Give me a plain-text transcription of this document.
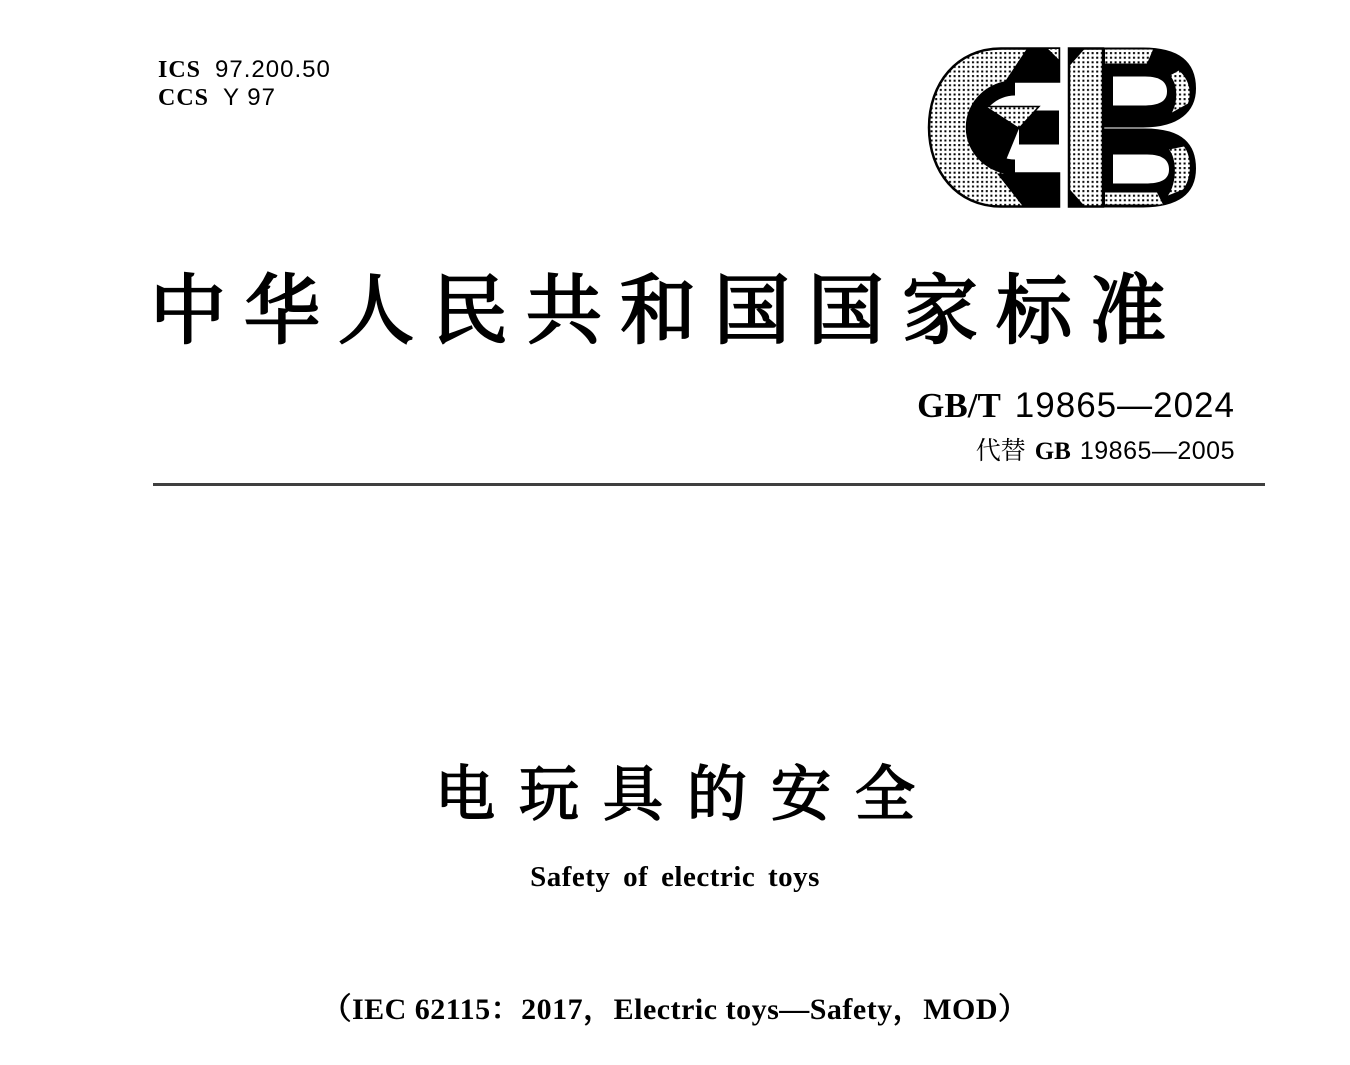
ICS 97.200.50
CCS Y 97
中华人民共和国国家标准
GB/T 19865—2024
代替 GB 19865—2005
电玩具的安全
Safety of electric toys
（IEC 62115：2017，Electric toys—Safety，MOD）
